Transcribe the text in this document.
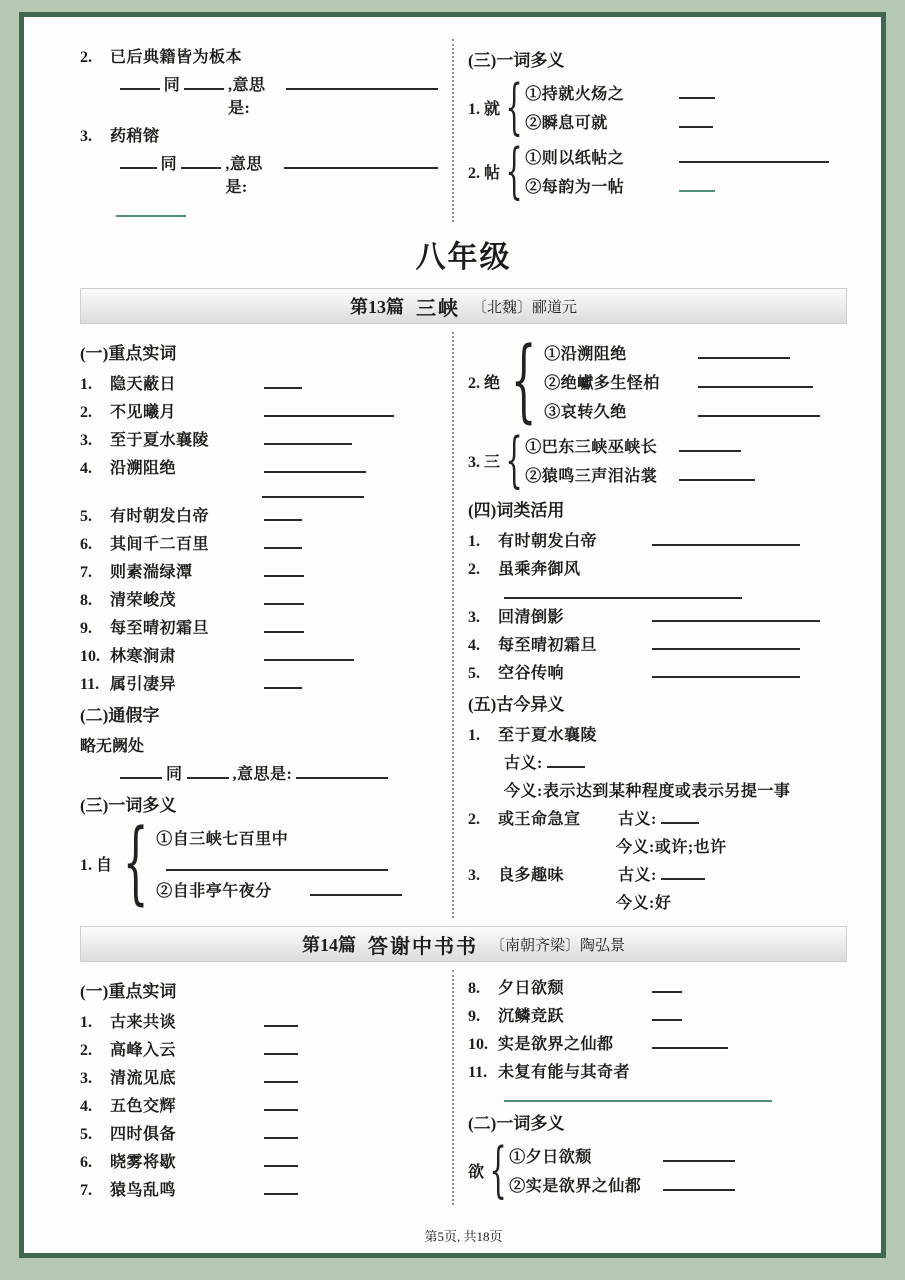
2.	已后典籍皆为板本
同	,意思是:
3.	药稍镕
同	,意思是:
(三)一词多义
1. 就 { ①持就火炀之
②瞬息可就
2. 帖 { ①则以纸帖之
②每韵为一帖
八年级
第13篇 三峡 〔北魏〕郦道元
(一)重点实词
1.	隐天蔽日
2.	不见曦月
3.	至于夏水襄陵
4.	沿溯阻绝
5.	有时朝发白帝
6.	其间千二百里
7.	则素湍绿潭
8.	清荣峻茂
9.	每至晴初霜旦
10. 林寒涧肃
11. 属引凄异
(二)通假字
略无阙处
同	,意思是:
(三)一词多义
1. 自 { ①自三峡七百里中
②自非亭午夜分
2. 绝 { ①沿溯阻绝
②绝巘多生怪柏
③哀转久绝
3. 三 { ①巴东三峡巫峡长
②猿鸣三声泪沾裳
(四)词类活用
1.	有时朝发白帝
2.	虽乘奔御风
3.	回清倒影
4.	每至晴初霜旦
5.	空谷传响
(五)古今异义
1.	至于夏水襄陵
古义:
今义:表示达到某种程度或表示另提一事
2.	或王命急宣	古义:
今义:或许;也许
3.	良多趣味	古义:
今义:好
第14篇 答谢中书书 〔南朝齐梁〕陶弘景
(一)重点实词
1.	古来共谈
2.	高峰入云
3.	清流见底
4.	五色交辉
5.	四时俱备
6.	晓雾将歇
7.	猿鸟乱鸣
8.	夕日欲颓
9.	沉鳞竞跃
10. 实是欲界之仙都
11. 未复有能与其奇者
(二)一词多义
欲 { ①夕日欲颓
②实是欲界之仙都
第5页, 共18页
